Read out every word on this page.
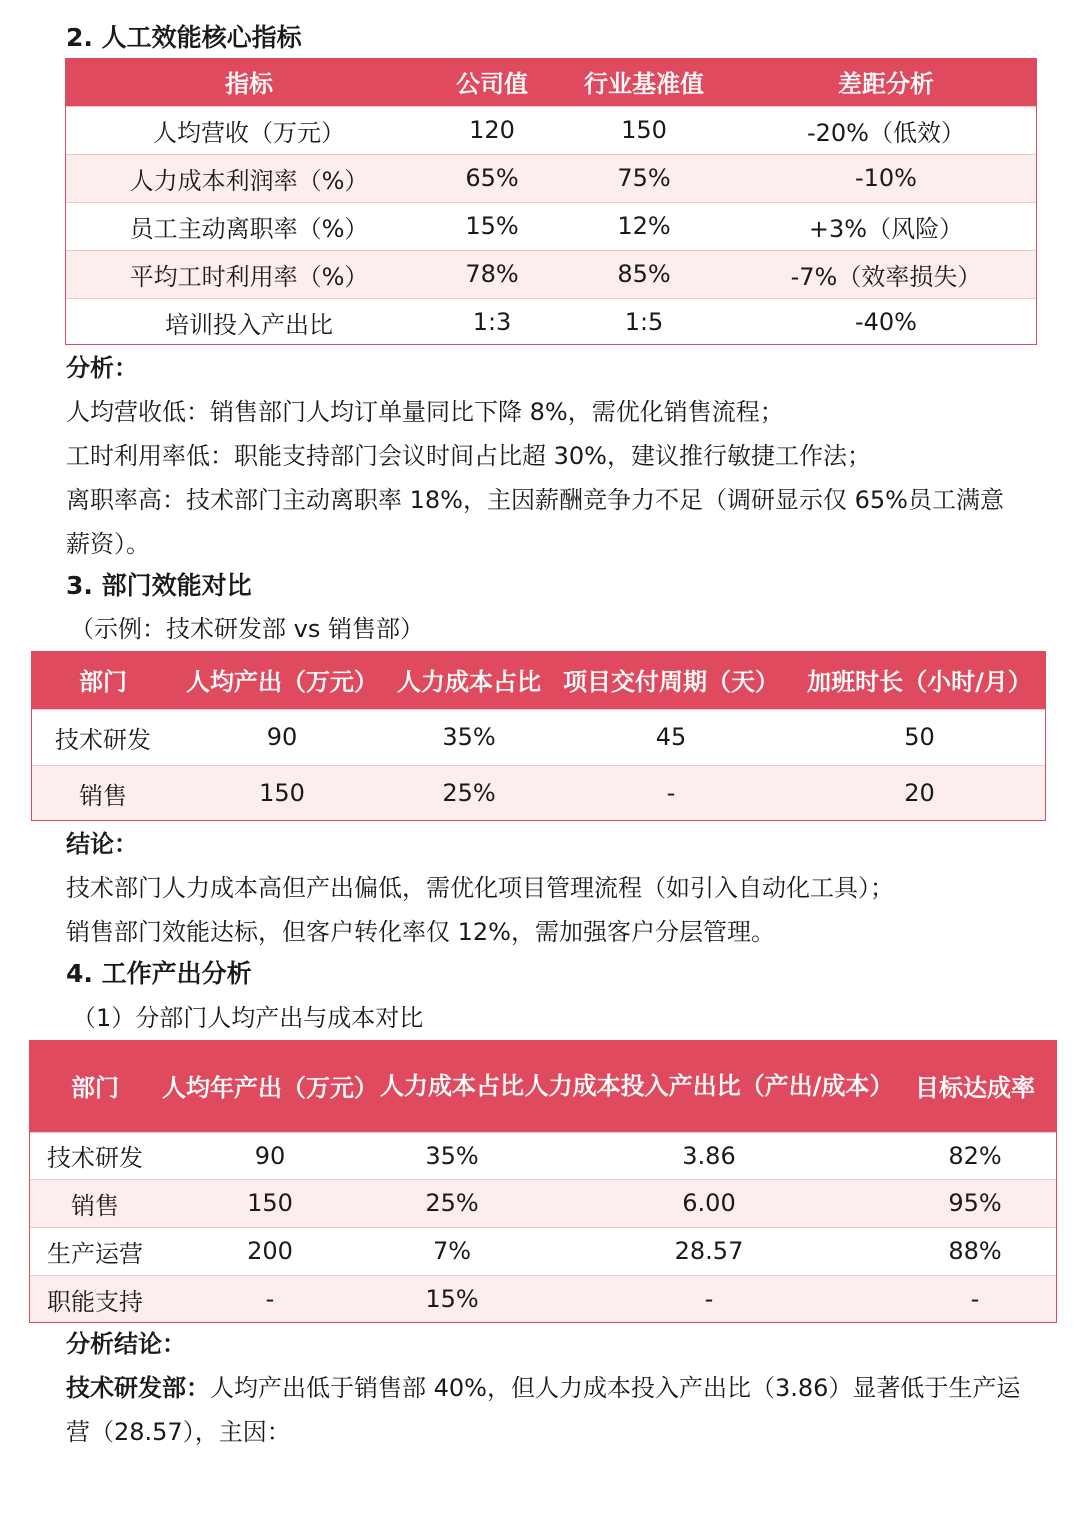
2. 人工效能核心指标
指标	公司值	行业基准值	差距分析
人均营收（万元）	120	150	-20%（低效）
人力成本利润率（%）	65%	75%	-10%
员工主动离职率（%）	15%	12%	+3%（风险）
平均工时利用率（%）	78%	85%	-7%（效率损失）
培训投入产出比	1:3	1:5	-40%

分析：

人均营收低：销售部门人均订单量同比下降 8%，需优化销售流程；

工时利用率低：职能支持部门会议时间占比超 30%，建议推行敏捷工作法；

离职率高：技术部门主动离职率 18%，主因薪酬竞争力不足（调研显示仅 65%员工满意薪资）。

3. 部门效能对比

（示例：技术研发部 vs 销售部）

部门	人均产出（万元）	人力成本占比	项目交付周期（天）	加班时长（小时/月）
技术研发	90	35%	45	50
销售	150	25%	-	20

结论：

技术部门人力成本高但产出偏低，需优化项目管理流程（如引入自动化工具）；

销售部门效能达标，但客户转化率仅 12%，需加强客户分层管理。

4. 工作产出分析

（1）分部门人均产出与成本对比

部门	人均年产出（万元）	人力成本占比	人力成本投入产出比（产出/成本）	目标达成率
技术研发	90	35%	3.86	82%
销售	150	25%	6.00	95%
生产运营	200	7%	28.57	88%
职能支持	-	15%	-	-

分析结论：

技术研发部：人均产出低于销售部 40%，但人力成本投入产出比（3.86）显著低于生产运营（28.57），主因：
